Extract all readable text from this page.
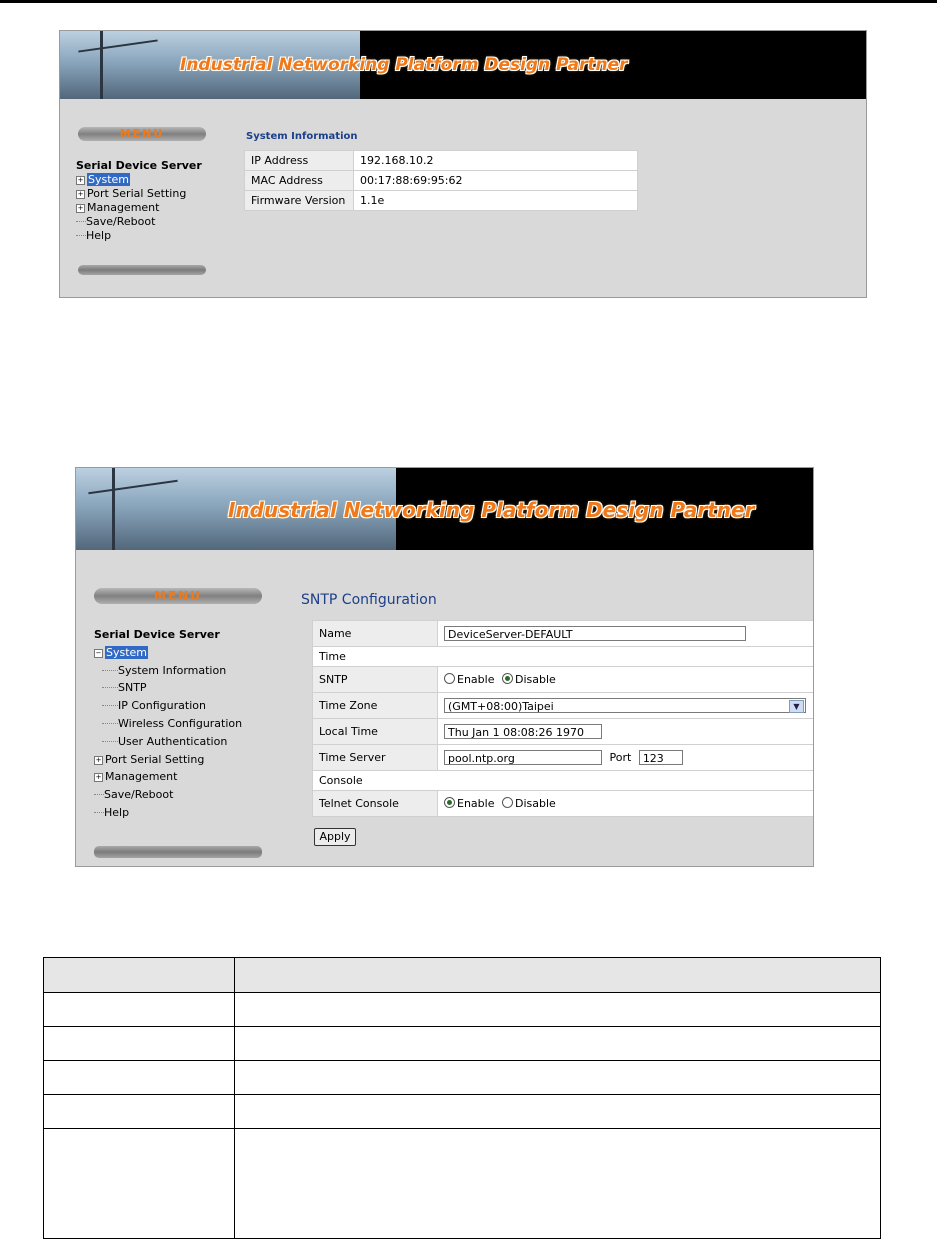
Industrial Networking Platform Design Partner
MENU
Serial Device Server
+ System
+ Port Serial Setting
+ Management
Save/Reboot
Help
System Information
IP Address	192.168.10.2
MAC Address	00:17:88:69:95:62
Firmware Version	1.1e
Industrial Networking Platform Design Partner
MENU
Serial Device Server
− System
System Information
SNTP
IP Configuration
Wireless Configuration
User Authentication
+ Port Serial Setting
+ Management
Save/Reboot
Help
SNTP Configuration
Name	DeviceServer-DEFAULT
Time	
SNTP	Enable Disable
Time Zone	(GMT+08:00)Taipei ▼

Local Time	Thu Jan 1 08:08:26 1970
Time Server	pool.ntp.org Port 123
Console	
Telnet Console	Enable Disable
Apply
